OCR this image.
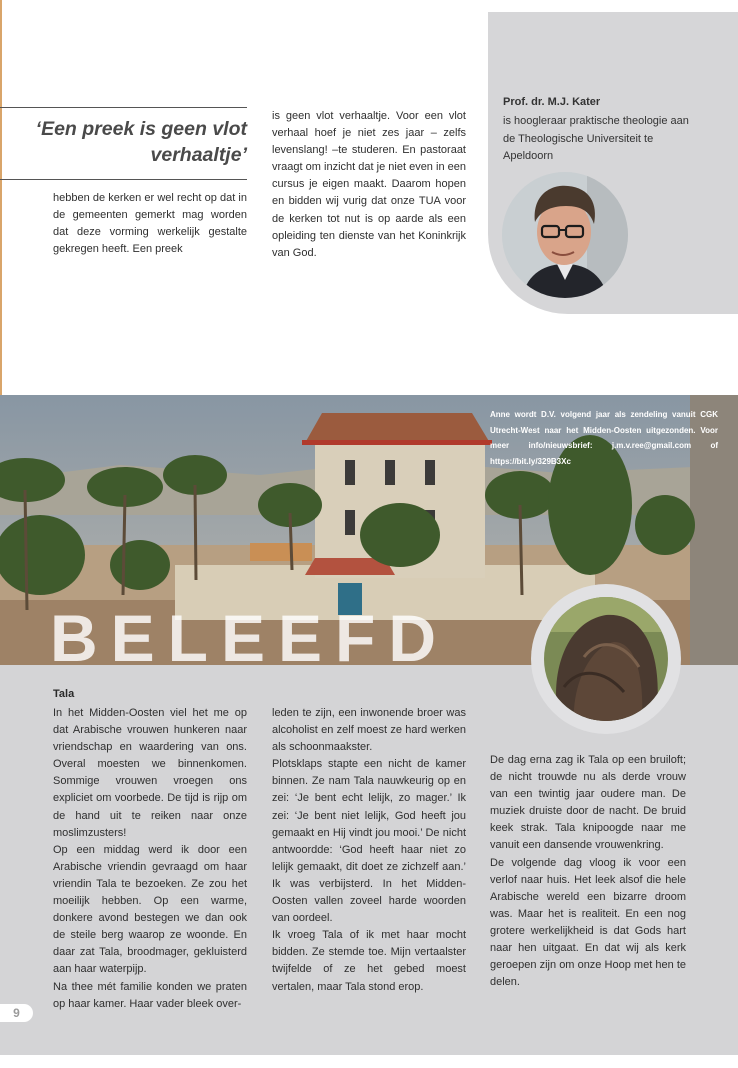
‘Een preek is geen vlot verhaaltje’

hebben de kerken er wel recht op dat in de gemeenten gemerkt mag worden dat deze vorming werkelijk gestalte gekregen heeft. Een preek

is geen vlot verhaaltje. Voor een vlot verhaal hoef je niet zes jaar – zelfs levenslang! –te studeren. En pastoraat vraagt om inzicht dat je niet even in een cursus je eigen maakt. Daarom hopen en bidden wij vurig dat onze TUA voor de kerken tot nut is op aarde als een opleiding ten dienste van het Koninkrijk van God.

Prof. dr. M.J. Kater
is hoogleraar praktische theologie aan de Theologische Universiteit te Apeldoorn
Anne wordt D.V. volgend jaar als zendeling vanuit CGK Utrecht-West naar het Midden-Oosten uitgezonden. Voor meer info/nieuwsbrief: j.m.v.ree@gmail.com of https://bit.ly/329B3Xc
BELEEFD
Tala

In het Midden-Oosten viel het me op dat Arabische vrouwen hunkeren naar vriendschap en waardering van ons. Overal moesten we binnenkomen. Sommige vrouwen vroegen ons expliciet om voorbede. De tijd is rijp om de hand uit te reiken naar onze moslimzusters!

Op een middag werd ik door een Arabische vriendin gevraagd om haar vriendin Tala te bezoeken. Ze zou het moeilijk hebben. Op een warme, donkere avond bestegen we dan ook de steile berg waarop ze woonde. En daar zat Tala, broodmager, gekluisterd aan haar waterpijp.

Na thee mét familie konden we praten op haar kamer. Haar vader bleek over-

leden te zijn, een inwonende broer was alcoholist en zelf moest ze hard werken als schoonmaakster.

Plotsklaps stapte een nicht de kamer binnen. Ze nam Tala nauwkeurig op en zei: ‘Je bent echt lelijk, zo mager.’ Ik zei: ‘Je bent niet lelijk, God heeft jou gemaakt en Hij vindt jou mooi.’ De nicht antwoordde: ‘God heeft haar niet zo lelijk gemaakt, dit doet ze zichzelf aan.’ Ik was verbijsterd. In het Midden-Oosten vallen zoveel harde woorden van oordeel.

Ik vroeg Tala of ik met haar mocht bidden. Ze stemde toe. Mijn vertaalster twijfelde of ze het gebed moest vertalen, maar Tala stond erop.

De dag erna zag ik Tala op een bruiloft; de nicht trouwde nu als derde vrouw van een twintig jaar oudere man. De muziek druiste door de nacht. De bruid keek strak. Tala knipoogde naar me vanuit een dansende vrouwenkring.

De volgende dag vloog ik voor een verlof naar huis. Het leek alsof die hele Arabische wereld een bizarre droom was. Maar het is realiteit. En een nog grotere werkelijkheid is dat Gods hart naar hen uitgaat. En dat wij als kerk geroepen zijn om onze Hoop met hen te delen.

9
